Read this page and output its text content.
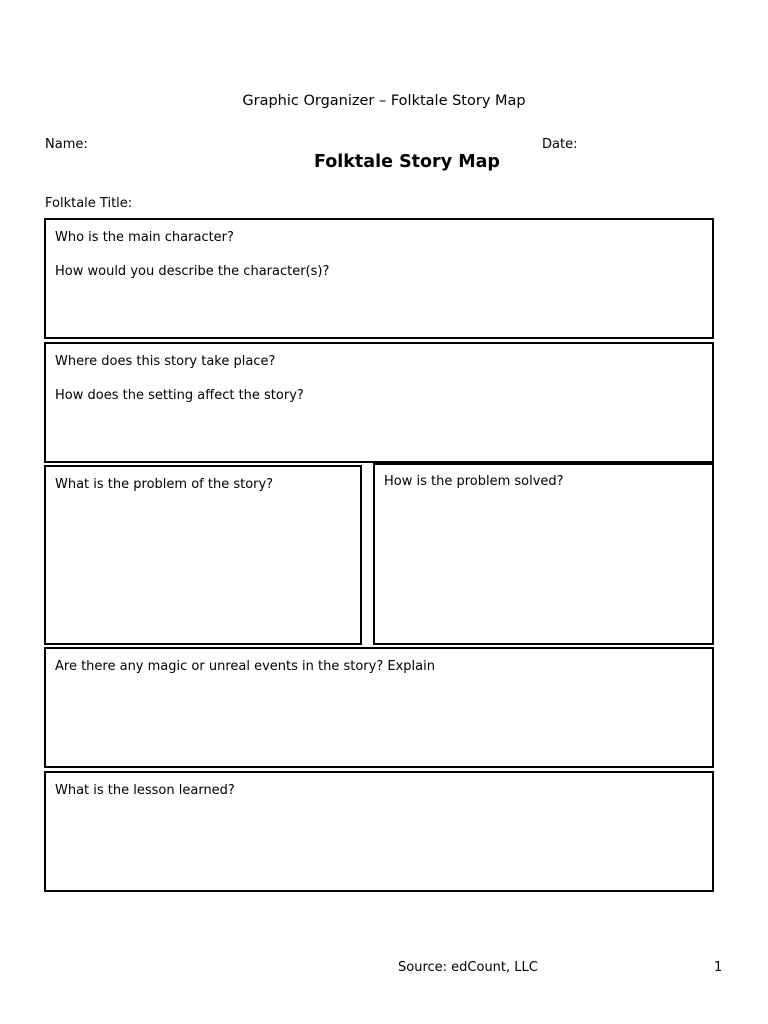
Graphic Organizer – Folktale Story Map
Name:	Date:
Folktale Story Map
Folktale Title:
Who is the main character?
How would you describe the character(s)?
Where does this story take place?
How does the setting affect the story?
What is the problem of the story?	How is the problem solved?
Are there any magic or unreal events in the story? Explain
What is the lesson learned?
Source: edCount, LLC	1
